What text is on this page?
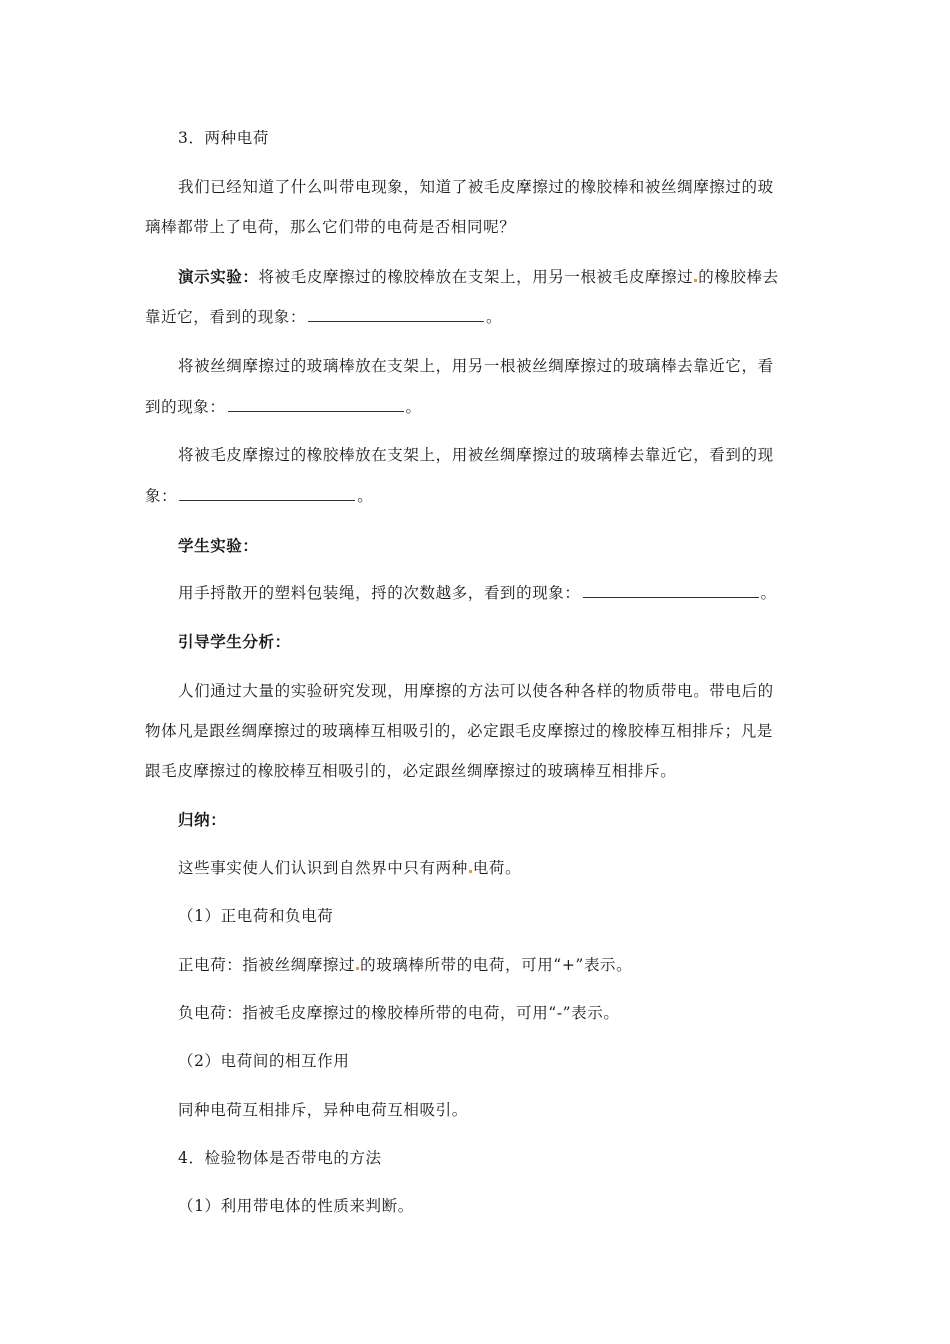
3．两种电荷
我们已经知道了什么叫带电现象，知道了被毛皮摩擦过的橡胶棒和被丝绸摩擦过的玻
璃棒都带上了电荷，那么它们带的电荷是否相同呢？
演示实验：将被毛皮摩擦过的橡胶棒放在支架上，用另一根被毛皮摩擦过 的橡胶棒去
靠近它，看到的现象：	。
将被丝绸摩擦过的玻璃棒放在支架上，用另一根被丝绸摩擦过的玻璃棒去靠近它，看
到的现象：	。
将被毛皮摩擦过的橡胶棒放在支架上，用被丝绸摩擦过的玻璃棒去靠近它，看到的现
象：	。
学生实验：
用手捋散开的塑料包装绳，捋的次数越多，看到的现象：	。
引导学生分析：
人们通过大量的实验研究发现，用摩擦的方法可以使各种各样的物质带电。带电后的
物体凡是跟丝绸摩擦过的玻璃棒互相吸引的，必定跟毛皮摩擦过的橡胶棒互相排斥；凡是
跟毛皮摩擦过的橡胶棒互相吸引的，必定跟丝绸摩擦过的玻璃棒互相排斥。
归纳：
这些事实使人们认识到自然界中只有两种 电荷。
（1）正电荷和负电荷
正电荷：指被丝绸摩擦过 的玻璃棒所带的电荷，可用“+”表示。
负电荷：指被毛皮摩擦过的橡胶棒所带的电荷，可用“-”表示。
（2）电荷间的相互作用
同种电荷互相排斥，异种电荷互相吸引。
4．检验物体是否带电的方法
（1）利用带电体的性质来判断。
